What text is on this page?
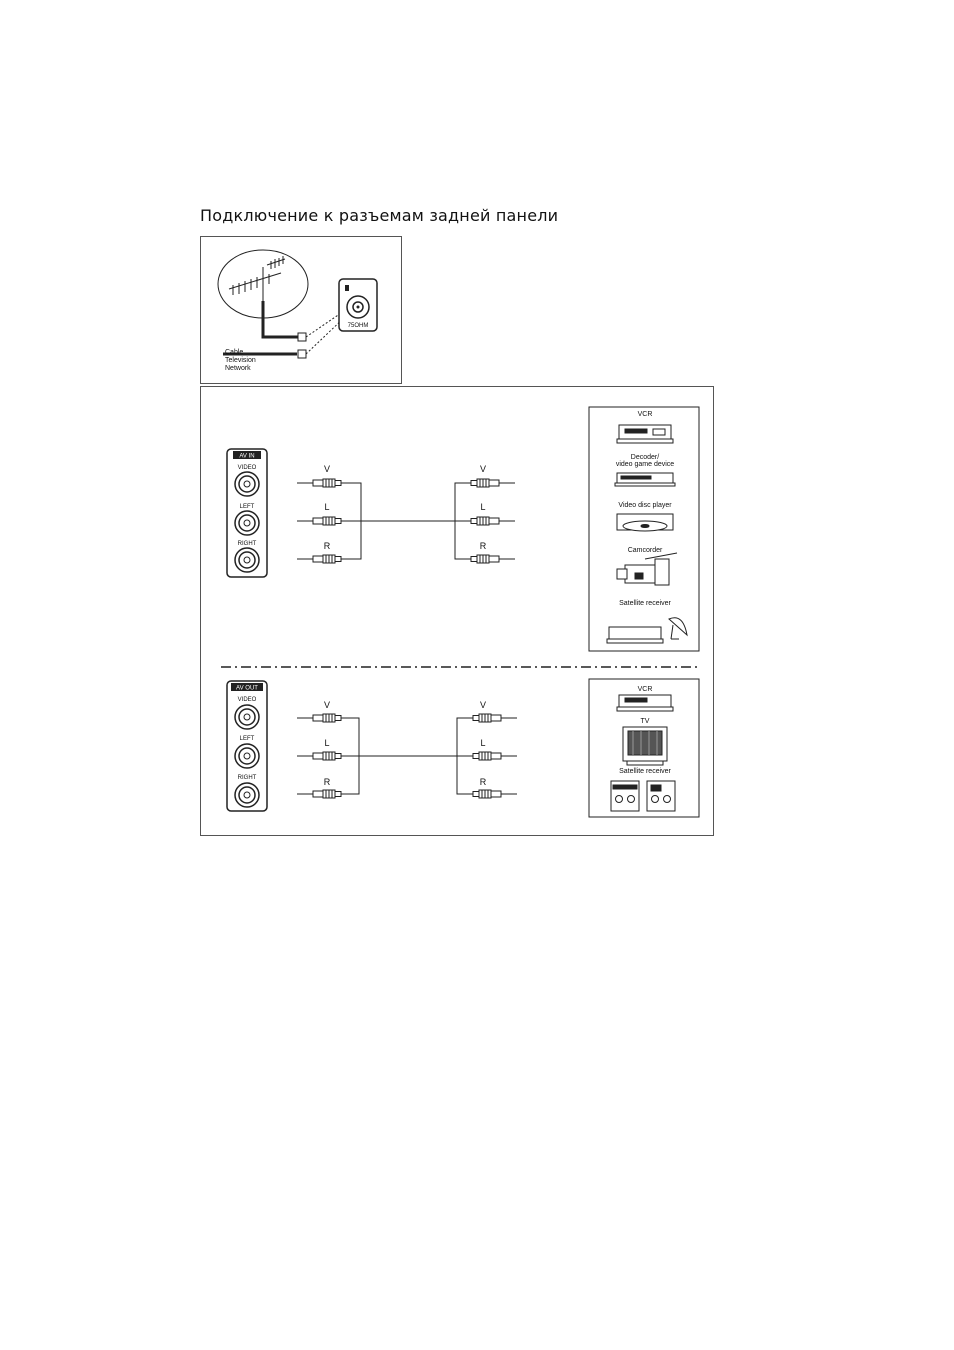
Подключение к разъемам задней панели
75OHM
Cable
Television
Network
AV IN
VIDEO
LEFT
RIGHT
V
L
R
V
L
R
VCR
Decoder/
video game device
Video disc player
Camcorder
Satellite receiver
AV OUT
VIDEO
LEFT
RIGHT
V
L
R
V
L
R
VCR
TV
Satellite receiver
